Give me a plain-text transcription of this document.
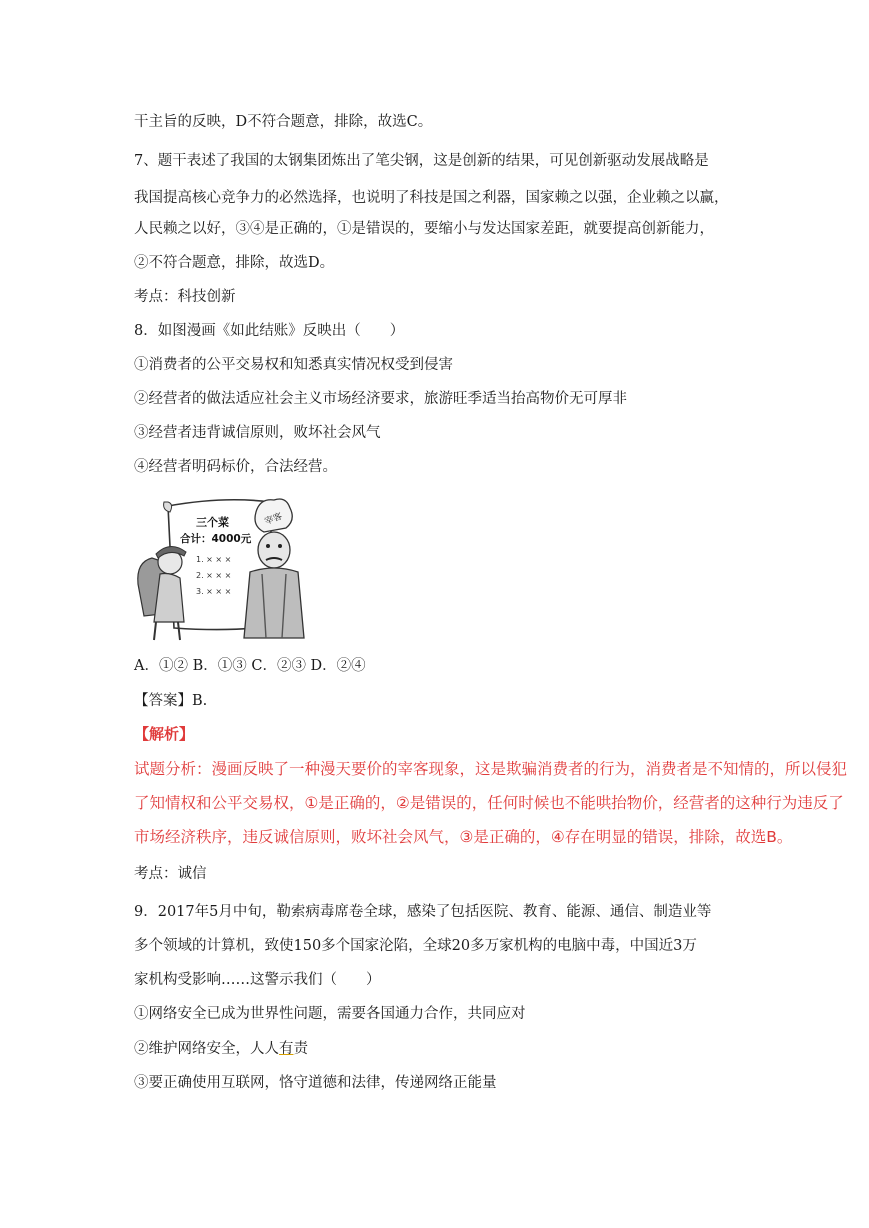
干主旨的反映，D不符合题意，排除，故选C。
7、题干表述了我国的太钢集团炼出了笔尖钢，这是创新的结果，可见创新驱动发展战略是
我国提高核心竞争力的必然选择，也说明了科技是国之利器，国家赖之以强，企业赖之以赢，
人民赖之以好，③④是正确的，①是错误的，要缩小与发达国家差距，就要提高创新能力，
②不符合题意，排除，故选D。
考点：科技创新
8．如图漫画《如此结账》反映出（　　）
①消费者的公平交易权和知悉真实情况权受到侵害
②经营者的做法适应社会主义市场经济要求，旅游旺季适当抬高物价无可厚非
③经营者违背诚信原则，败坏社会风气
④经营者明码标价，合法经营。
三个菜
合计：4000元
1. × × ×
2. × × ×
3. × × ×
宰客
A．①② B．①③ C．②③ D．②④
【答案】B.
【解析】
试题分析：漫画反映了一种漫天要价的宰客现象，这是欺骗消费者的行为，消费者是不知情的，所以侵犯
了知情权和公平交易权，①是正确的，②是错误的，任何时候也不能哄抬物价，经营者的这种行为违反了
市场经济秩序，违反诚信原则，败坏社会风气，③是正确的，④存在明显的错误，排除，故选B。
考点：诚信
9．2017年5月中旬，勒索病毒席卷全球，感染了包括医院、教育、能源、通信、制造业等
多个领域的计算机，致使150多个国家沦陷，全球20多万家机构的电脑中毒，中国近3万
家机构受影响……这警示我们（　　）
①网络安全已成为世界性问题，需要各国通力合作，共同应对
②维护网络安全，人人有责
③要正确使用互联网，恪守道德和法律，传递网络正能量
